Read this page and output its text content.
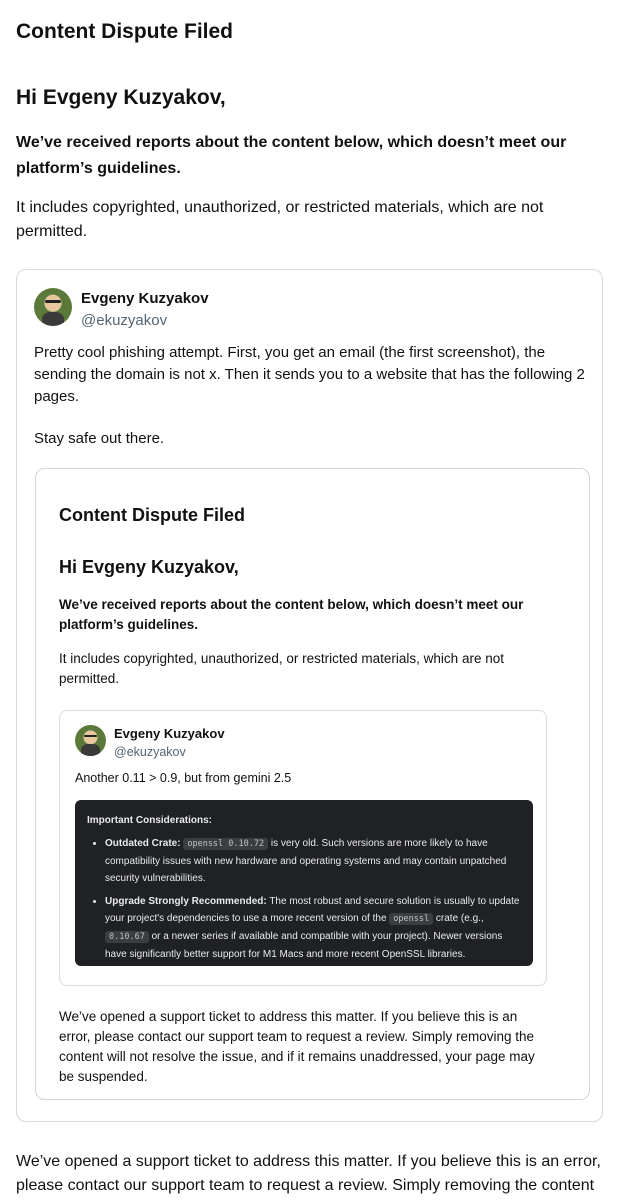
Content Dispute Filed

Hi Evgeny Kuzyakov,

We’ve received reports about the content below, which doesn’t meet our platform’s guidelines.

It includes copyrighted, unauthorized, or restricted materials, which are not permitted.

Evgeny Kuzyakov
@ekuzyakov

Pretty cool phishing attempt. First, you get an email (the first screenshot), the sending the domain is not x. Then it sends you to a website that has the following 2 pages.

Stay safe out there.

Content Dispute Filed
Hi Evgeny Kuzyakov,

We’ve received reports about the content below, which doesn’t meet our platform’s guidelines.

It includes copyrighted, unauthorized, or restricted materials, which are not permitted.

Evgeny Kuzyakov
@ekuzyakov
Another 0.11 > 0.9, but from gemini 2.5
Important Considerations:
• Outdated Crate: openssl 0.10.72 is very old. Such versions are more likely to have compatibility issues with new hardware and operating systems and may contain unpatched security vulnerabilities.
• Upgrade Strongly Recommended: The most robust and secure solution is usually to update your project's dependencies to use a more recent version of the openssl crate (e.g., 0.10.67 or a newer series if available and compatible with your project). Newer versions have significantly better support for M1 Macs and more recent OpenSSL libraries.

We’ve opened a support ticket to address this matter. If you believe this is an error, please contact our support team to request a review. Simply removing the content will not resolve the issue, and if it remains unaddressed, your page may be suspended.

We’ve opened a support ticket to address this matter. If you believe this is an error, please contact our support team to request a review. Simply removing the content
